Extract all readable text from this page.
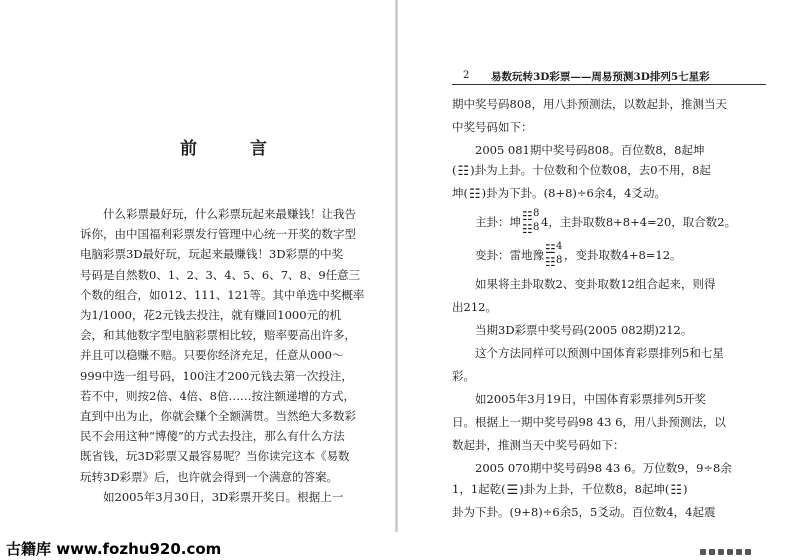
前　言
什么彩票最好玩，什么彩票玩起来最赚钱！让我告
诉你，由中国福利彩票发行管理中心统一开奖的数字型
电脑彩票3D最好玩，玩起来最赚钱！3D彩票的中奖
号码是自然数0、1、2、3、4、5、6、7、8、9任意三
个数的组合，如012、111、121等。其中单选中奖概率
为1/1000，花2元钱去投注，就有赚回1000元的机
会，和其他数字型电脑彩票相比较，赔率要高出许多，
并且可以稳赚不赔。只要你经济充足，任意从000～
999中选一组号码，100注才200元钱去第一次投注，
若不中，则按2倍、4倍、8倍……按注额递增的方式，
直到中出为止，你就会赚个全额满贯。当然绝大多数彩
民不会用这种“博傻”的方式去投注，那么有什么方法
既省钱，玩3D彩票又最容易呢？当你读完这本《易数
玩转3D彩票》后，也许就会得到一个满意的答案。
如2005年3月30日，3D彩票开奖日。根据上一
2 易数玩转3D彩票——周易预测3D排列5七星彩
期中奖号码808，用八卦预测法，以数起卦，推测当天
中奖号码如下：
2005 081期中奖号码808。百位数8，8起坤
(☷)卦为上卦。十位数和个位数08，去0不用，8起
坤(☷)卦为下卦。(8+8)÷6余4，4爻动。
主卦：坤 ☷
☷
8
8 4，主卦取数8+8+4=20，取合数2。
变卦：雷地豫 ☳
☷
4
8 ，变卦取数4+8=12。
如果将主卦取数2、变卦取数12组合起来，则得
出212。
当期3D彩票中奖号码(2005 082期)212。
这个方法同样可以预测中国体育彩票排列5和七星
彩。
如2005年3月19日，中国体育彩票排列5开奖
日。根据上一期中奖号码98 43 6，用八卦预测法，以
数起卦，推测当天中奖号码如下：
2005 070期中奖号码98 43 6。万位数9，9÷8余
1，1起乾(☰)卦为上卦，千位数8，8起坤(☷)
卦为下卦。(9+8)÷6余5，5爻动。百位数4，4起震
古籍库 www.fozhu920.com
